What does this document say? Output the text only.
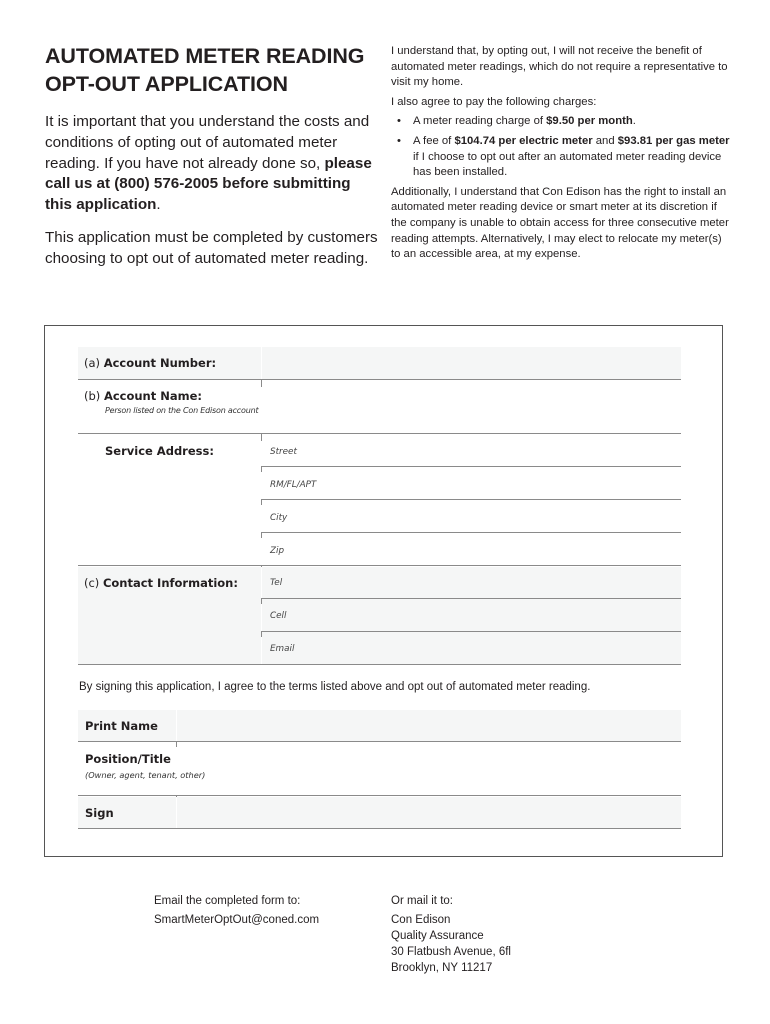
AUTOMATED METER READING
OPT-OUT APPLICATION

It is important that you understand the costs and conditions of opting out of automated meter reading. If you have not already done so, please call us at (800) 576-2005 before submitting this application.

This application must be completed by customers choosing to opt out of automated meter reading.

I understand that, by opting out, I will not receive the benefit of automated meter readings, which do not require a representative to visit my home.

I also agree to pay the following charges:

• A meter reading charge of $9.50 per month.
• A fee of $104.74 per electric meter and $93.81 per gas meter if I choose to opt out after an automated meter reading device has been installed.

Additionally, I understand that Con Edison has the right to install an automated meter reading device or smart meter at its discretion if the company is unable to obtain access for three consecutive meter reading attempts. Alternatively, I may elect to relocate my meter(s) to an accessible area, at my expense.

(a) Account Number:
(b) Account Name:
Person listed on the Con Edison account
Service Address:	Street
RM/FL/APT
City
Zip
(c) Contact Information:	Tel
Cell
Email
By signing this application, I agree to the terms listed above and opt out of automated meter reading.
Print Name
Position/Title
(Owner, agent, tenant, other)
Sign
Email the completed form to:
SmartMeterOptOut@coned.com
Or mail it to:
Con Edison
Quality Assurance
30 Flatbush Avenue, 6fl
Brooklyn, NY 11217
